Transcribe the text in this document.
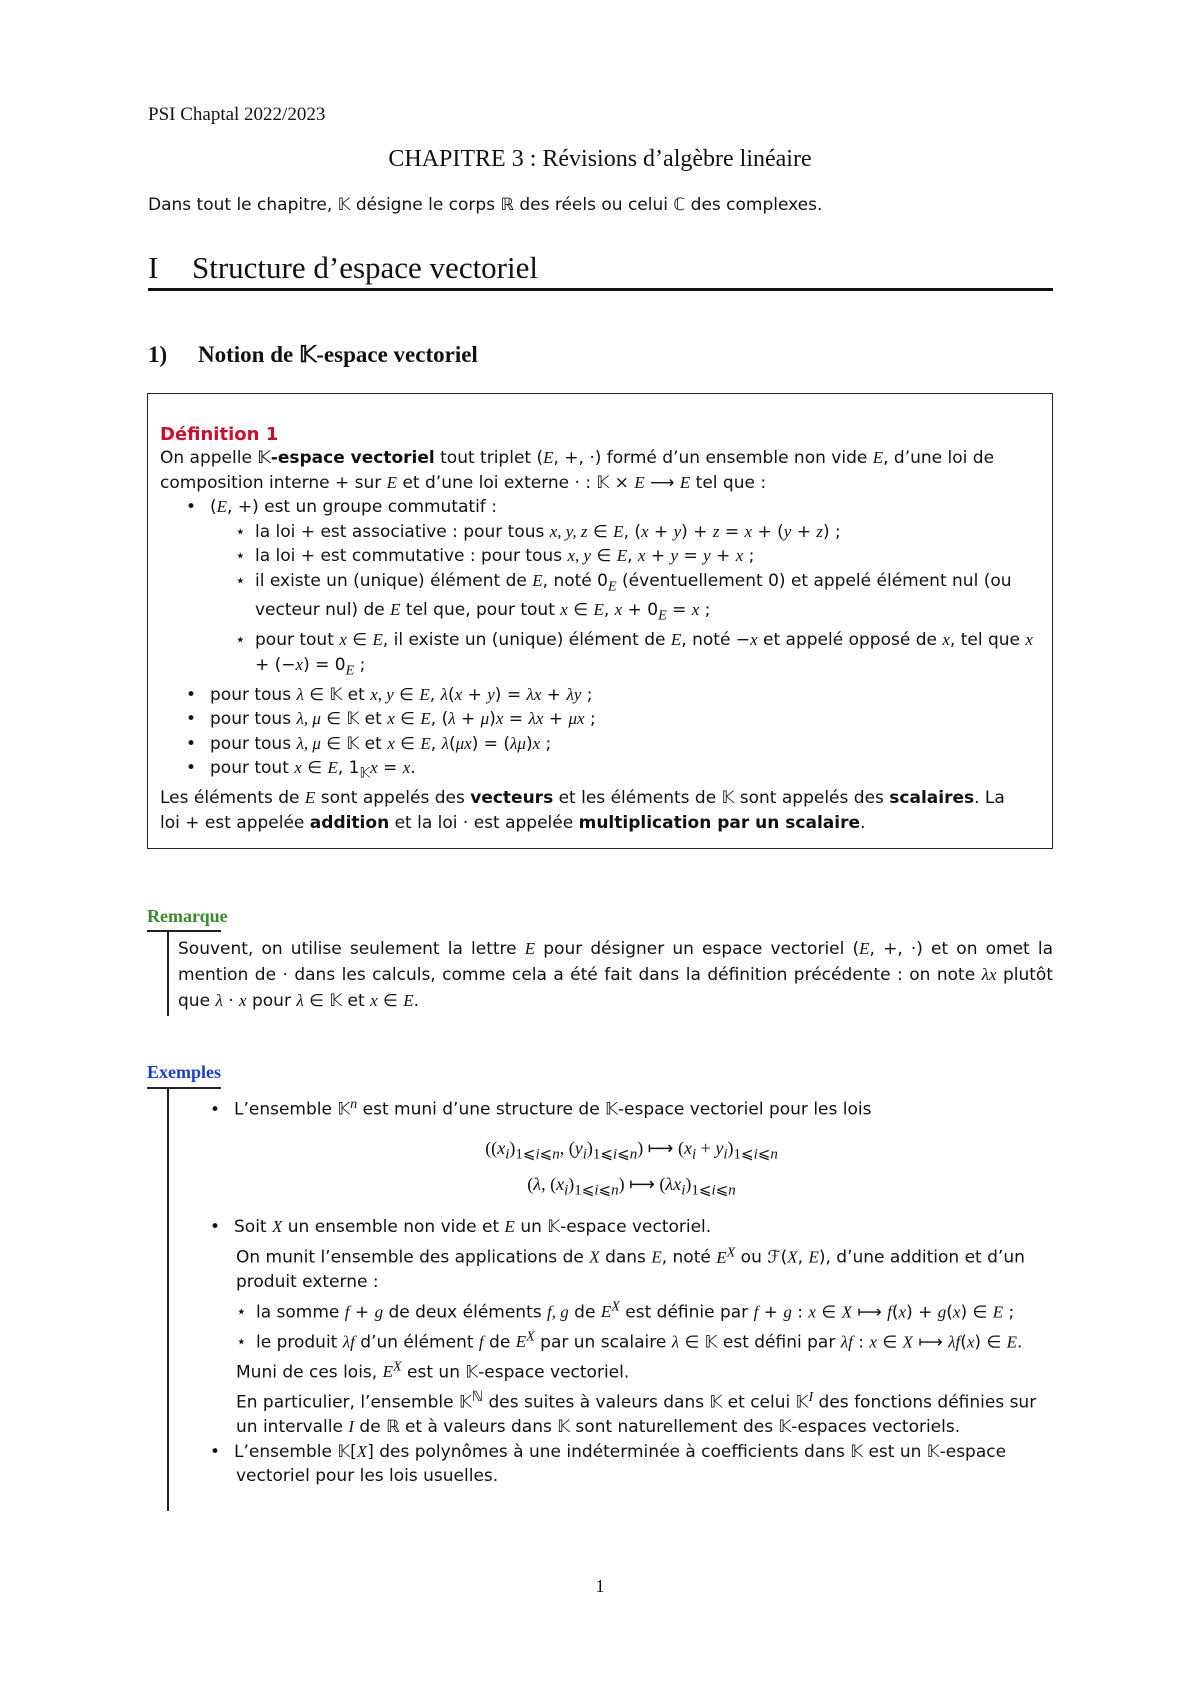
PSI Chaptal 2022/2023
CHAPITRE 3 : Révisions d’algèbre linéaire
Dans tout le chapitre, 𝕂 désigne le corps ℝ des réels ou celui ℂ des complexes.
I Structure d’espace vectoriel
1) Notion de 𝕂-espace vectoriel
Définition 1

On appelle 𝕂-espace vectoriel tout triplet (E, +, ·) formé d’un ensemble non vide E, d’une loi de

composition interne + sur E et d’une loi externe · : 𝕂 × E ⟶ E tel que :

• (E, +) est un groupe commutatif :

⋆ la loi + est associative : pour tous x, y, z ∈ E, (x + y) + z = x + (y + z) ;

⋆ la loi + est commutative : pour tous x, y ∈ E, x + y = y + x ;

⋆ il existe un (unique) élément de E, noté $0_E$ (éventuellement 0) et appelé élément nul (ou vecteur nul) de E tel que, pour tout x ∈ E, $x + 0_E = x$ ;

⋆ pour tout x ∈ E, il existe un (unique) élément de E, noté −x et appelé opposé de x, tel que $x + (-x) = 0_E$ ;

• pour tous λ ∈ 𝕂 et x, y ∈ E, λ(x + y) = λx + λy ;

• pour tous λ, μ ∈ 𝕂 et x ∈ E, (λ + μ)x = λx + μx ;

• pour tous λ, μ ∈ 𝕂 et x ∈ E, λ(μx) = (λμ)x ;

• pour tout x ∈ E, $1_𝕂x = x$.

Les éléments de E sont appelés des vecteurs et les éléments de 𝕂 sont appelés des scalaires. La

loi + est appelée addition et la loi · est appelée multiplication par un scalaire.

Remarque
Souvent, on utilise seulement la lettre E pour désigner un espace vectoriel (E, +, ·) et on omet la mention de · dans les calculs, comme cela a été fait dans la définition précédente : on note λx plutôt que λ · x pour λ ∈ 𝕂 et x ∈ E.
Exemples

• L’ensemble 𝕂$^n$ est muni d’une structure de 𝕂-espace vectoriel pour les lois

($(x_i)_{1⩽i⩽n}$, $(y_i)_{1⩽i⩽n}$) ⟼ $(x_i + y_i)_{1⩽i⩽n}$
(λ, $(x_i)_{1⩽i⩽n}$) ⟼ $(\lambda x_i)_{1⩽i⩽n}$

• Soit X un ensemble non vide et E un 𝕂-espace vectoriel.

On munit l’ensemble des applications de X dans E, noté $E^X$ ou ℱ(X, E), d’une addition et d’un produit externe :

⋆ la somme f + g de deux éléments f, g de $E^X$ est définie par f + g : x ∈ X ⟼ f(x) + g(x) ∈ E ;

⋆ le produit λf d’un élément f de $E^X$ par un scalaire λ ∈ 𝕂 est défini par λf : x ∈ X ⟼ λf(x) ∈ E.

Muni de ces lois, $E^X$ est un 𝕂-espace vectoriel.

En particulier, l’ensemble 𝕂$^ℕ$ des suites à valeurs dans 𝕂 et celui 𝕂$^I$ des fonctions définies sur un intervalle I de ℝ et à valeurs dans 𝕂 sont naturellement des 𝕂-espaces vectoriels.

• L’ensemble 𝕂[X] des polynômes à une indéterminée à coefficients dans 𝕂 est un 𝕂-espace vectoriel pour les lois usuelles.

1
